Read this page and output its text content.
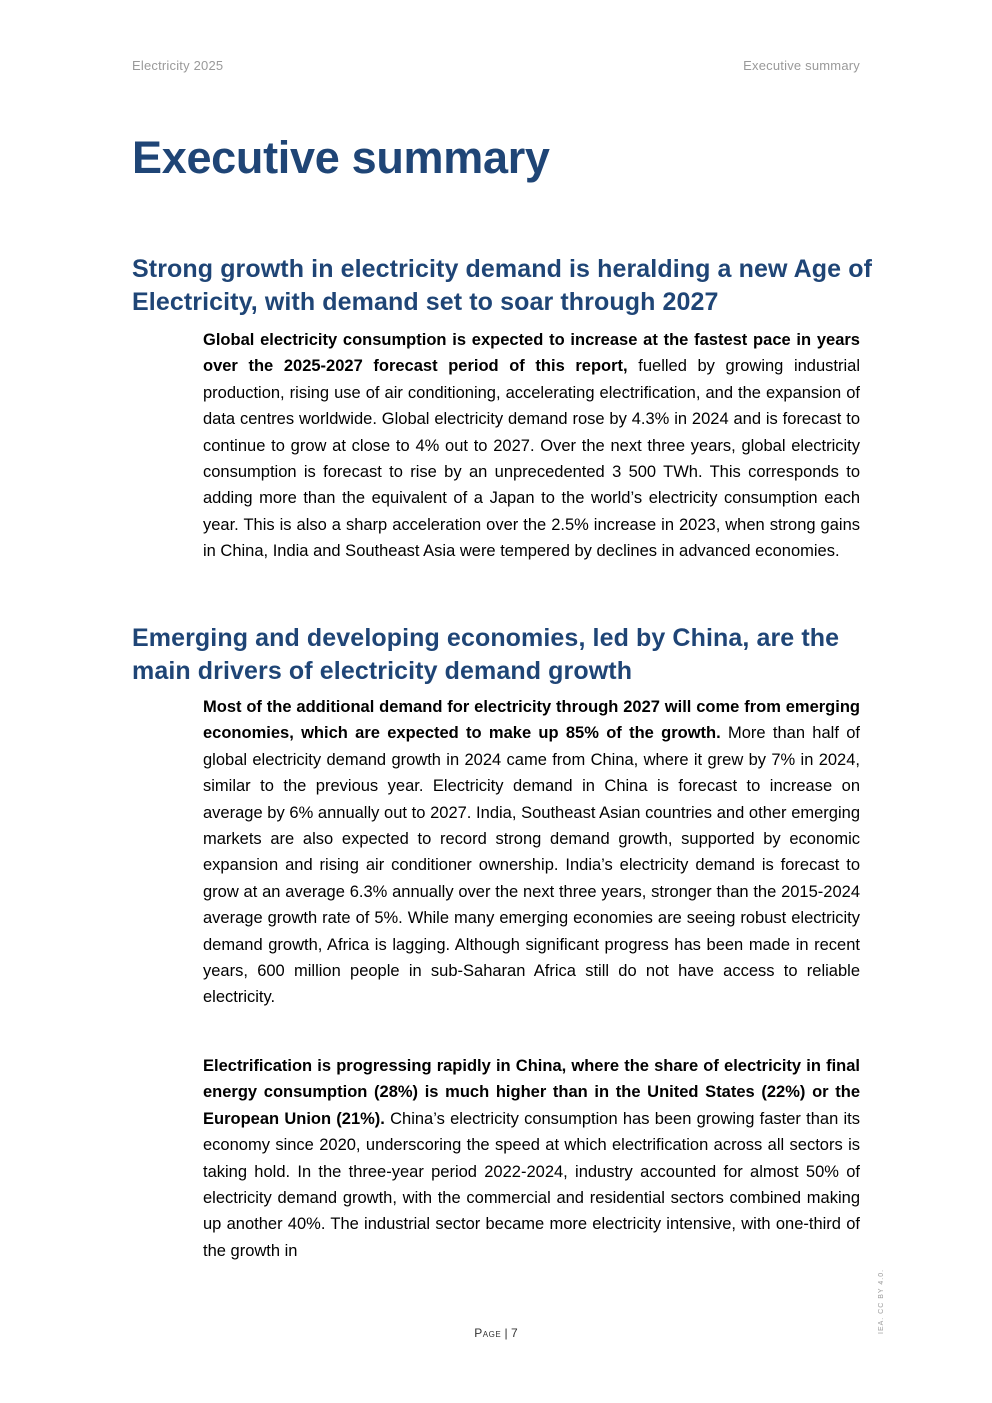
Electricity 2025	Executive summary
Executive summary
Strong growth in electricity demand is heralding a new Age of Electricity, with demand set to soar through 2027

Global electricity consumption is expected to increase at the fastest pace in years over the 2025-2027 forecast period of this report, fuelled by growing industrial production, rising use of air conditioning, accelerating electrification, and the expansion of data centres worldwide. Global electricity demand rose by 4.3% in 2024 and is forecast to continue to grow at close to 4% out to 2027. Over the next three years, global electricity consumption is forecast to rise by an unprecedented 3 500 TWh. This corresponds to adding more than the equivalent of a Japan to the world’s electricity consumption each year. This is also a sharp acceleration over the 2.5% increase in 2023, when strong gains in China, India and Southeast Asia were tempered by declines in advanced economies.

Emerging and developing economies, led by China, are the main drivers of electricity demand growth

Most of the additional demand for electricity through 2027 will come from emerging economies, which are expected to make up 85% of the growth. More than half of global electricity demand growth in 2024 came from China, where it grew by 7% in 2024, similar to the previous year. Electricity demand in China is forecast to increase on average by 6% annually out to 2027. India, Southeast Asian countries and other emerging markets are also expected to record strong demand growth, supported by economic expansion and rising air conditioner ownership. India’s electricity demand is forecast to grow at an average 6.3% annually over the next three years, stronger than the 2015-2024 average growth rate of 5%. While many emerging economies are seeing robust electricity demand growth, Africa is lagging. Although significant progress has been made in recent years, 600 million people in sub-Saharan Africa still do not have access to reliable electricity.

Electrification is progressing rapidly in China, where the share of electricity in final energy consumption (28%) is much higher than in the United States (22%) or the European Union (21%). China’s electricity consumption has been growing faster than its economy since 2020, underscoring the speed at which electrification across all sectors is taking hold. In the three-year period 2022-2024, industry accounted for almost 50% of electricity demand growth, with the commercial and residential sectors combined making up another 40%. The industrial sector became more electricity intensive, with one-third of the growth in

IEA. CC BY 4.0.
Page | 7
